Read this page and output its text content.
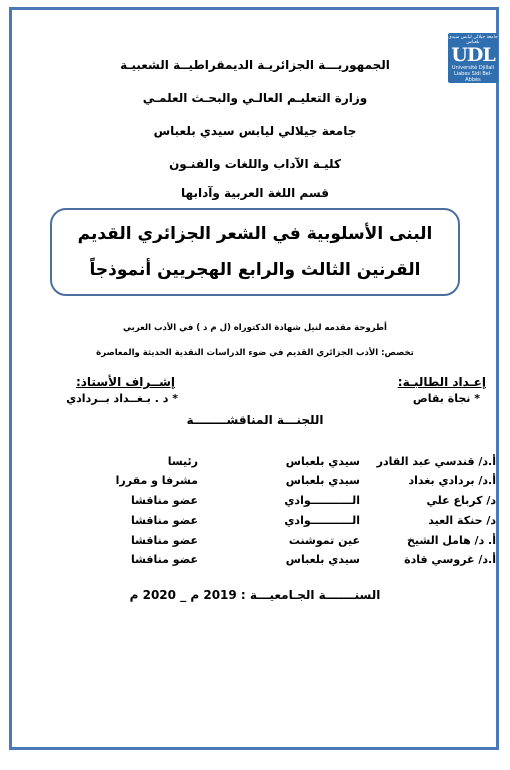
جامعة جيلالي ليابس سيدي بلعباس
UDL
Université Djillali Liabes Sidi Bel-Abbès
الجمهوريـــة الجزائريـة الديمقراطيــة الشعبيـة
وزارة التعليـم العالـي والبحـث العلمـي
جامعة جيلالي ليابس سيدي بلعباس
كليـة الآداب واللغات والفنـون
قسم اللغة العربية وآدابها
البنى الأسلوبية في الشعر الجزائري القديم
القرنين الثالث والرابع الهجريين أنموذجاً
أطروحة مقدمه لنيل شهادة الدكتوراه (ل م د ) في الأدب العربي
تخصص: الأدب الجزائري القديم في ضوء الدراسات النقدية الحديثة والمعاصرة
إعـداد الطالبـة:
* نجاة بقاص
إشــراف الأستاذ:
* د . بـغــداد بــردادي
اللجنـــة المناقشــــــــة
أ.د/ قندسي عبد القادر
سيدي بلعباس
رئيسا
أ.د/ بردادي بغداد
سيدي بلعباس
مشرفا و مقررا
د/ كرباع علي
الـــــــــــوادي
عضو مناقشا
د/ حنكة العيد
الـــــــــــوادي
عضو مناقشا
أ. د/ هامل الشيخ
عين تموشنت
عضو مناقشا
أ.د/ غروسي قادة
سيدي بلعباس
عضو مناقشا
السنـــــــة الجـامعيـــة : 2019 م _ 2020 م
